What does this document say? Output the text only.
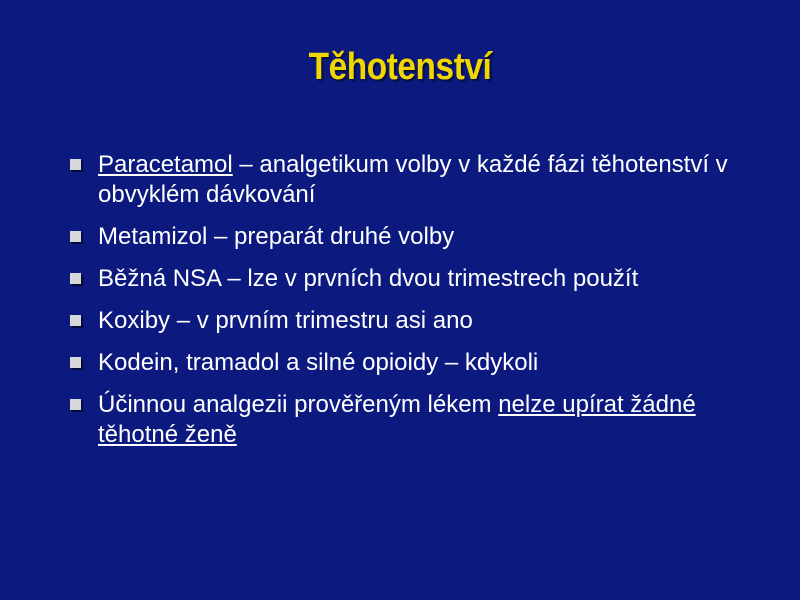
Těhotenství
Paracetamol – analgetikum volby v každé fázi těhotenství v obvyklém dávkování
Metamizol – preparát druhé volby
Běžná NSA – lze v prvních dvou trimestrech použít
Koxiby – v prvním trimestru asi ano
Kodein, tramadol a silné opioidy – kdykoli
Účinnou analgezii prověřeným lékem nelze upírat žádné těhotné ženě
